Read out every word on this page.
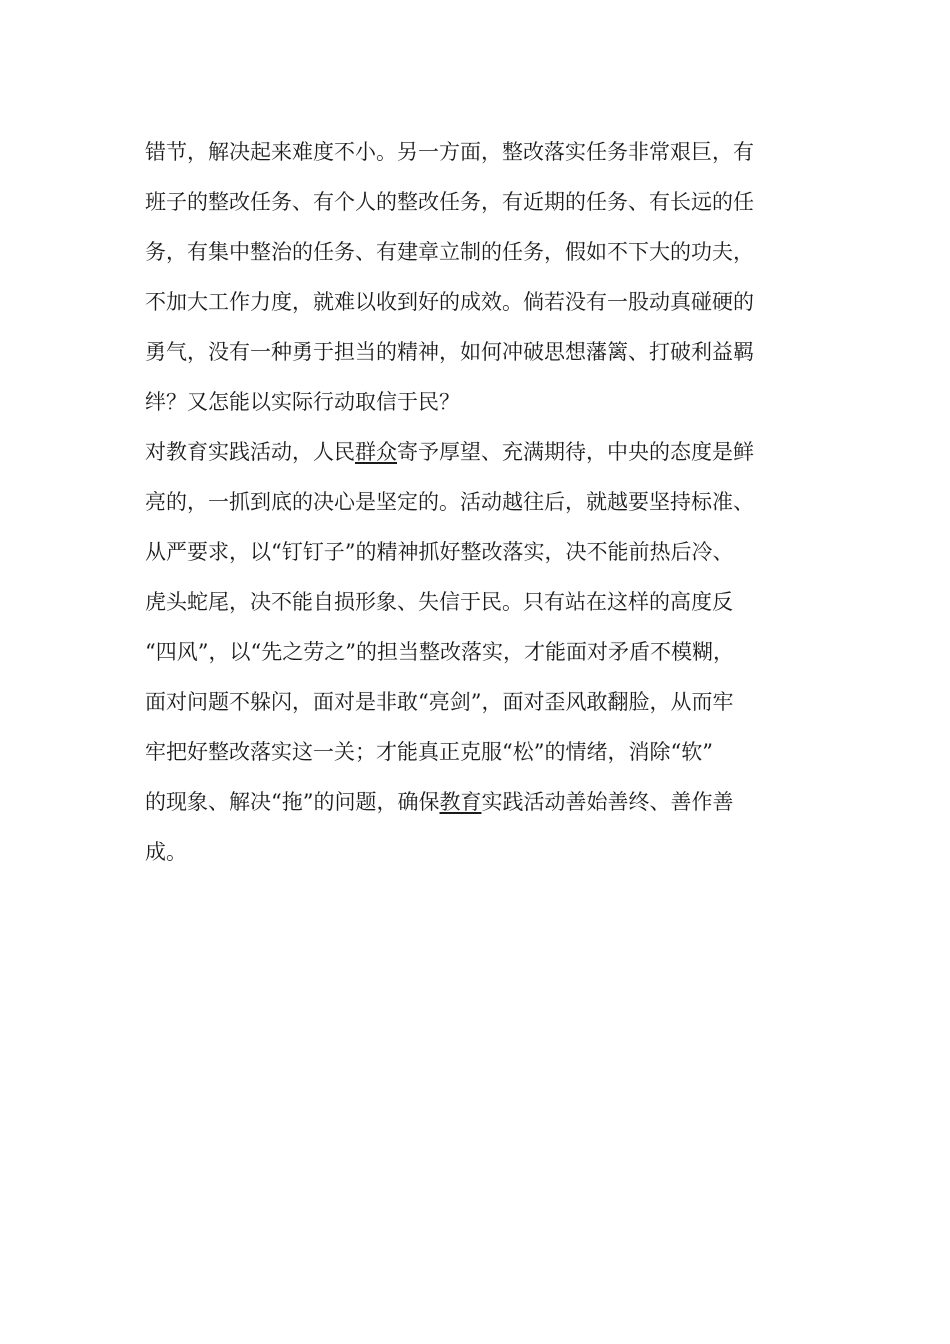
错节，解决起来难度不小。另一方面，整改落实任务非常艰巨，有
班子的整改任务、有个人的整改任务，有近期的任务、有长远的任
务，有集中整治的任务、有建章立制的任务，假如不下大的功夫，
不加大工作力度，就难以收到好的成效。倘若没有一股动真碰硬的
勇气，没有一种勇于担当的精神，如何冲破思想藩篱、打破利益羁
绊？又怎能以实际行动取信于民？
对教育实践活动，人民群众寄予厚望、充满期待，中央的态度是鲜
亮的，一抓到底的决心是坚定的。活动越往后，就越要坚持标准、
从严要求，以“钉钉子”的精神抓好整改落实，决不能前热后冷、
虎头蛇尾，决不能自损形象、失信于民。只有站在这样的高度反
“四风”，以“先之劳之”的担当整改落实，才能面对矛盾不模糊，
面对问题不躲闪，面对是非敢“亮剑”，面对歪风敢翻脸，从而牢
牢把好整改落实这一关；才能真正克服“松”的情绪，消除“软”
的现象、解决“拖”的问题，确保教育实践活动善始善终、善作善
成。
